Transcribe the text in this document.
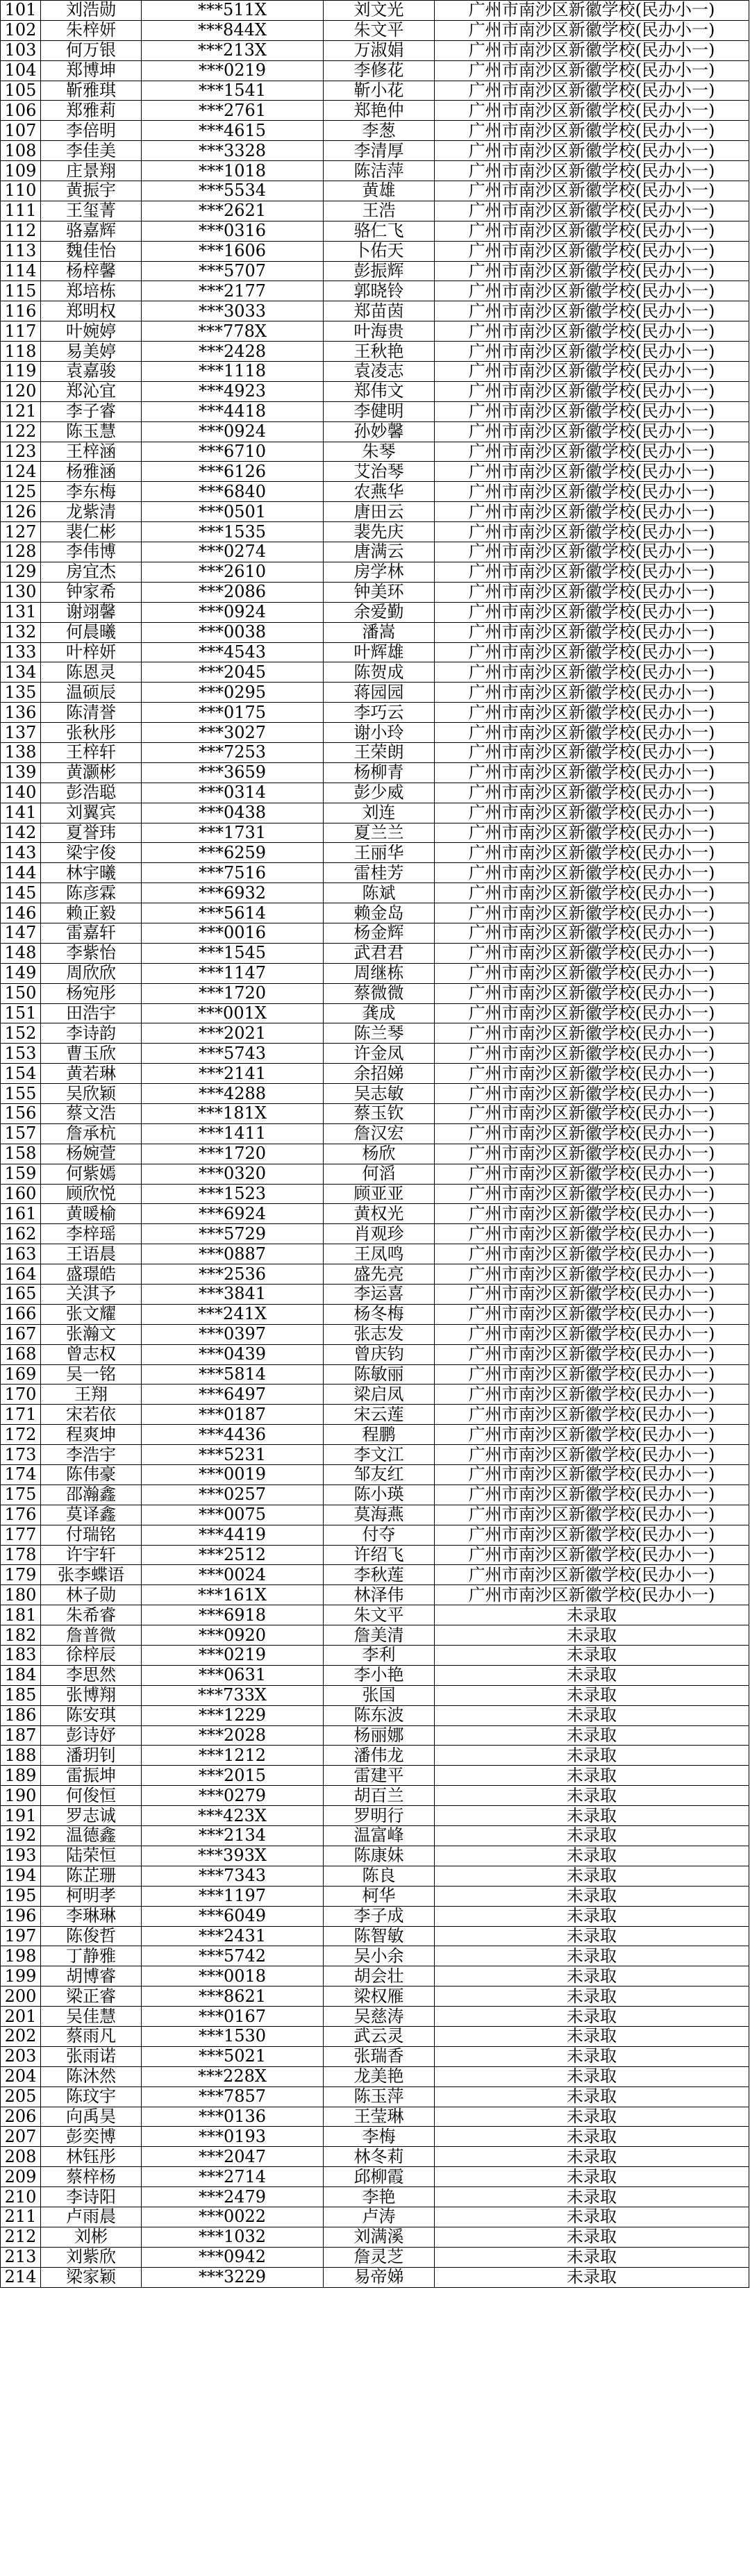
101	刘浩勋	***511X	刘文光	广州市南沙区新徽学校(民办小一)
102	朱梓妍	***844X	朱文平	广州市南沙区新徽学校(民办小一)
103	何万银	***213X	万淑娟	广州市南沙区新徽学校(民办小一)
104	郑博坤	***0219	李修花	广州市南沙区新徽学校(民办小一)
105	靳雅琪	***1541	靳小花	广州市南沙区新徽学校(民办小一)
106	郑雅莉	***2761	郑艳仲	广州市南沙区新徽学校(民办小一)
107	李倍明	***4615	李葱	广州市南沙区新徽学校(民办小一)
108	李佳美	***3328	李清厚	广州市南沙区新徽学校(民办小一)
109	庄景翔	***1018	陈洁萍	广州市南沙区新徽学校(民办小一)
110	黄振宇	***5534	黄雄	广州市南沙区新徽学校(民办小一)
111	王玺菁	***2621	王浩	广州市南沙区新徽学校(民办小一)
112	骆嘉辉	***0316	骆仁飞	广州市南沙区新徽学校(民办小一)
113	魏佳怡	***1606	卜佑天	广州市南沙区新徽学校(民办小一)
114	杨梓馨	***5707	彭振辉	广州市南沙区新徽学校(民办小一)
115	郑培栋	***2177	郭晓铃	广州市南沙区新徽学校(民办小一)
116	郑明权	***3033	郑苗茵	广州市南沙区新徽学校(民办小一)
117	叶婉婷	***778X	叶海贵	广州市南沙区新徽学校(民办小一)
118	易美婷	***2428	王秋艳	广州市南沙区新徽学校(民办小一)
119	袁嘉骏	***1118	袁凌志	广州市南沙区新徽学校(民办小一)
120	郑沁宜	***4923	郑伟文	广州市南沙区新徽学校(民办小一)
121	李子睿	***4418	李健明	广州市南沙区新徽学校(民办小一)
122	陈玉慧	***0924	孙妙馨	广州市南沙区新徽学校(民办小一)
123	王梓涵	***6710	朱琴	广州市南沙区新徽学校(民办小一)
124	杨雅涵	***6126	艾治琴	广州市南沙区新徽学校(民办小一)
125	李东梅	***6840	农燕华	广州市南沙区新徽学校(民办小一)
126	龙紫清	***0501	唐田云	广州市南沙区新徽学校(民办小一)
127	裴仁彬	***1535	裴先庆	广州市南沙区新徽学校(民办小一)
128	李伟博	***0274	唐满云	广州市南沙区新徽学校(民办小一)
129	房宜杰	***2610	房学林	广州市南沙区新徽学校(民办小一)
130	钟家希	***2086	钟美环	广州市南沙区新徽学校(民办小一)
131	谢翊馨	***0924	余爱勤	广州市南沙区新徽学校(民办小一)
132	何晨曦	***0038	潘嵩	广州市南沙区新徽学校(民办小一)
133	叶梓妍	***4543	叶辉雄	广州市南沙区新徽学校(民办小一)
134	陈恩灵	***2045	陈贺成	广州市南沙区新徽学校(民办小一)
135	温硕辰	***0295	蒋园园	广州市南沙区新徽学校(民办小一)
136	陈清誉	***0175	李巧云	广州市南沙区新徽学校(民办小一)
137	张秋彤	***3027	谢小玲	广州市南沙区新徽学校(民办小一)
138	王梓轩	***7253	王荣朗	广州市南沙区新徽学校(民办小一)
139	黄灏彬	***3659	杨柳青	广州市南沙区新徽学校(民办小一)
140	彭浩聪	***0314	彭少威	广州市南沙区新徽学校(民办小一)
141	刘翼宾	***0438	刘连	广州市南沙区新徽学校(民办小一)
142	夏誉玮	***1731	夏兰兰	广州市南沙区新徽学校(民办小一)
143	梁宇俊	***6259	王丽华	广州市南沙区新徽学校(民办小一)
144	林宇曦	***7516	雷桂芳	广州市南沙区新徽学校(民办小一)
145	陈彦霖	***6932	陈斌	广州市南沙区新徽学校(民办小一)
146	赖正毅	***5614	赖金岛	广州市南沙区新徽学校(民办小一)
147	雷嘉轩	***0016	杨金辉	广州市南沙区新徽学校(民办小一)
148	李紫怡	***1545	武君君	广州市南沙区新徽学校(民办小一)
149	周欣欣	***1147	周继栋	广州市南沙区新徽学校(民办小一)
150	杨宛彤	***1720	蔡微微	广州市南沙区新徽学校(民办小一)
151	田浩宇	***001X	龚成	广州市南沙区新徽学校(民办小一)
152	李诗韵	***2021	陈兰琴	广州市南沙区新徽学校(民办小一)
153	曹玉欣	***5743	许金凤	广州市南沙区新徽学校(民办小一)
154	黄若琳	***2141	余招娣	广州市南沙区新徽学校(民办小一)
155	吴欣颖	***4288	吴志敏	广州市南沙区新徽学校(民办小一)
156	蔡文浩	***181X	蔡玉钦	广州市南沙区新徽学校(民办小一)
157	詹承杭	***1411	詹汉宏	广州市南沙区新徽学校(民办小一)
158	杨婉萱	***1720	杨欣	广州市南沙区新徽学校(民办小一)
159	何紫嫣	***0320	何滔	广州市南沙区新徽学校(民办小一)
160	顾欣悦	***1523	顾亚亚	广州市南沙区新徽学校(民办小一)
161	黄暖榆	***6924	黄权光	广州市南沙区新徽学校(民办小一)
162	李梓瑶	***5729	肖观珍	广州市南沙区新徽学校(民办小一)
163	王语晨	***0887	王凤鸣	广州市南沙区新徽学校(民办小一)
164	盛璟皓	***2536	盛先亮	广州市南沙区新徽学校(民办小一)
165	关淇予	***3841	李运喜	广州市南沙区新徽学校(民办小一)
166	张文耀	***241X	杨冬梅	广州市南沙区新徽学校(民办小一)
167	张瀚文	***0397	张志发	广州市南沙区新徽学校(民办小一)
168	曾志权	***0439	曾庆钧	广州市南沙区新徽学校(民办小一)
169	吴一铭	***5814	陈敏丽	广州市南沙区新徽学校(民办小一)
170	王翔	***6497	梁启凤	广州市南沙区新徽学校(民办小一)
171	宋若依	***0187	宋云莲	广州市南沙区新徽学校(民办小一)
172	程爽坤	***4436	程鹏	广州市南沙区新徽学校(民办小一)
173	李浩宇	***5231	李文江	广州市南沙区新徽学校(民办小一)
174	陈伟豪	***0019	邹友红	广州市南沙区新徽学校(民办小一)
175	邵瀚鑫	***0257	陈小瑛	广州市南沙区新徽学校(民办小一)
176	莫译鑫	***0075	莫海燕	广州市南沙区新徽学校(民办小一)
177	付瑞铭	***4419	付夺	广州市南沙区新徽学校(民办小一)
178	许宇轩	***2512	许绍飞	广州市南沙区新徽学校(民办小一)
179	张李蝶语	***0024	李秋莲	广州市南沙区新徽学校(民办小一)
180	林子勋	***161X	林泽伟	广州市南沙区新徽学校(民办小一)
181	朱希睿	***6918	朱文平	未录取
182	詹普微	***0920	詹美清	未录取
183	徐梓辰	***0219	李利	未录取
184	李思然	***0631	李小艳	未录取
185	张博翔	***733X	张国	未录取
186	陈安琪	***1229	陈东波	未录取
187	彭诗妤	***2028	杨丽娜	未录取
188	潘玥钊	***1212	潘伟龙	未录取
189	雷振坤	***2015	雷建平	未录取
190	何俊恒	***0279	胡百兰	未录取
191	罗志诚	***423X	罗明行	未录取
192	温德鑫	***2134	温富峰	未录取
193	陆荣恒	***393X	陈康妹	未录取
194	陈芷珊	***7343	陈良	未录取
195	柯明孝	***1197	柯华	未录取
196	李琳琳	***6049	李子成	未录取
197	陈俊哲	***2431	陈智敏	未录取
198	丁静雅	***5742	吴小余	未录取
199	胡博睿	***0018	胡会壮	未录取
200	梁正睿	***8621	梁权雁	未录取
201	吴佳慧	***0167	吴慈涛	未录取
202	蔡雨凡	***1530	武云灵	未录取
203	张雨诺	***5021	张瑞香	未录取
204	陈沐然	***228X	龙美艳	未录取
205	陈玟宇	***7857	陈玉萍	未录取
206	向禹昊	***0136	王莹琳	未录取
207	彭奕博	***0193	李梅	未录取
208	林钰彤	***2047	林冬莉	未录取
209	蔡梓杨	***2714	邱柳霞	未录取
210	李诗阳	***2479	李艳	未录取
211	卢雨晨	***0022	卢涛	未录取
212	刘彬	***1032	刘满溪	未录取
213	刘紫欣	***0942	詹灵芝	未录取
214	梁家颖	***3229	易帝娣	未录取
